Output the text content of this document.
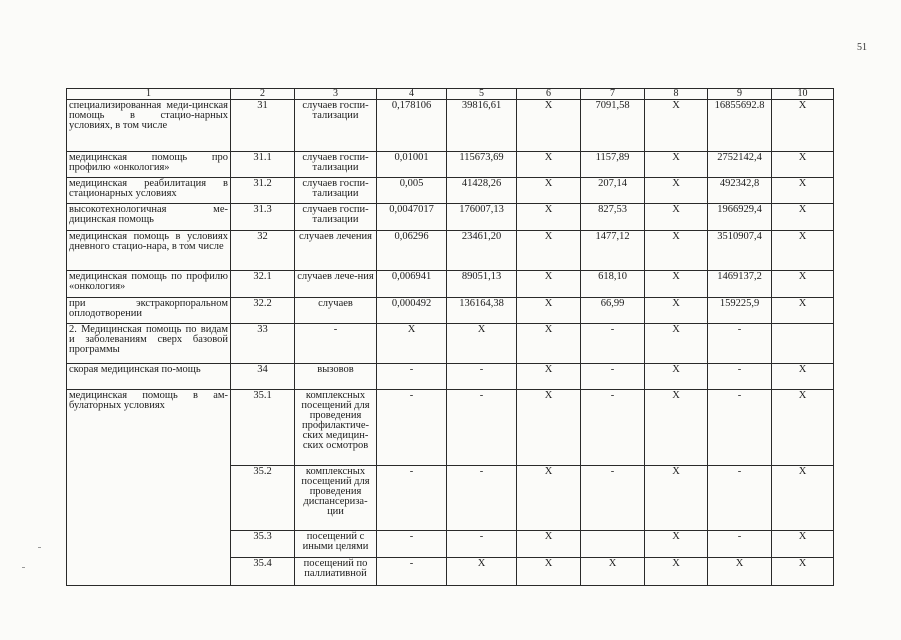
51
1	2	3	4	5	6	7	8	9	10
специализированная меди-цинская помощь в стацио-нарных условиях, в том числе	31	случаев госпи-тализации	0,178106	39816,61	Х	7091,58	Х	16855692.8	Х
медицинская помощь про профилю «онкология»	31.1	случаев госпи-тализации	0,01001	115673,69	Х	1157,89	Х	2752142,4	Х
медицинская реабилитация в стационарных условиях	31.2	случаев госпи-тализации	0,005	41428,26	Х	207,14	Х	492342,8	Х
высокотехнологичная ме-дицинская помощь	31.3	случаев госпи-тализации	0,0047017	176007,13	Х	827,53	Х	1966929,4	Х
медицинская помощь в условиях дневного стацио-нара, в том числе	32	случаев лечения	0,06296	23461,20	Х	1477,12	Х	3510907,4	Х
медицинская помощь по профилю «онкология»	32.1	случаев лече-ния	0,006941	89051,13	Х	618,10	Х	1469137,2	Х
при экстракорпоральном оплодотворении	32.2	случаев	0,000492	136164,38	Х	66,99	Х	159225,9	Х
2. Медицинская помощь по видам и заболеваниям сверх базовой программы	33	-	Х	Х	Х	-	Х	-	
скорая медицинская по-мощь	34	вызовов	-	-	Х	-	Х	-	Х
медицинская помощь в ам-булаторных условиях	35.1	комплексных посещений для проведения профилактиче-ских медицин-ских осмотров	-	-	Х	-	Х	-	Х
	35.2	комплексных посещений для проведения диспансериза-ции	-	-	Х	-	Х	-	Х
	35.3	посещений с иными целями	-	-	Х		Х	-	Х
	35.4	посещений по паллиативной	-	Х	Х	Х	Х	Х	Х
